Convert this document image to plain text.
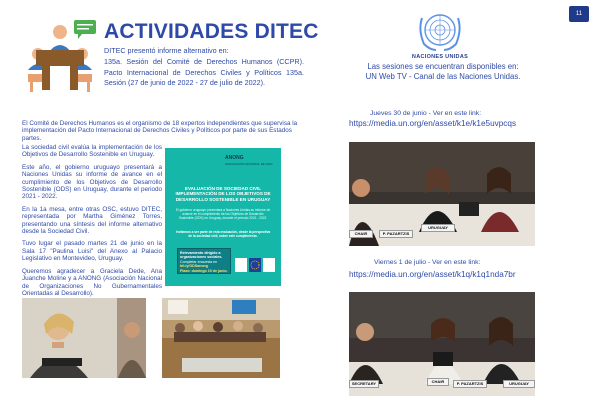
ACTIVIDADES DITEC

DITEC presentó informe alternativo en:

135a. Sesión del Comité de Derechos Humanos (CCPR). Pacto Internacional de Derechos Civiles y Políticos 135a. Sesión (27 de junio de 2022 - 27 de julio de 2022).

El Comité de Derechos Humanos es el organismo de 18 expertos independientes que supervisa la implementación del Pacto Internacional de Derechos Civiles y Políticos por parte de sus Estados partes.

La sociedad civil evalúa la implementación de los Objetivos de Desarrollo Sostenible en Uruguay.

Este año, el gobierno uruguayo presentará a Naciones Unidas su informe de avance en el cumplimiento de los Objetivos de Desarrollo Sostenible (ODS) en Uruguay, durante el periodo 2021 - 2022.

En la 1a mesa, entre otras OSC, estuvo DITEC, representada por Martha Giménez Torres, presentando una síntesis del informe alternativo desde la Sociedad Civil.

Tuvo lugar el pasado martes 21 de junio en la Sala 17 "Paulina Luisi" del Anexo al Palacio Legislativo en Montevideo, Uruguay.

Queremos agradecer a Graciela Dede, Ana Juanche Moline y a ANONG (Asociación Nacional de Organizaciones No Gubernamentales Orientadas al Desarrollo).

ANONG
ASOCIACIÓN NACIONAL DE ONG
EVALUACIÓN DE SOCIEDAD CIVIL IMPLEMENTACIÓN DE LOS OBJETIVOS DE DESARROLLO SOSTENIBLE EN URUGUAY
El gobierno uruguayo presentará a Naciones Unidas su informe de avance en el cumplimiento de los Objetivos de Desarrollo Sostenible (ODS) en Uruguay, durante el período 2021 - 2022.
Invitamos a ser parte de esta evaluación, desde la perspectiva de la sociedad civil, sobre este cumplimiento.
Relevamiento dirigido a organizaciones sociales.
Completar encuesta en
bit.ly/ODSanong
Plazo: domingo 19 de junio.
11
NACIONES UNIDAS
Las sesiones se encuentran disponibles en:
UN Web TV - Canal de las Naciones Unidas.
Jueves 30 de junio - Ver en este link:
https://media.un.org/en/asset/k1e/k1e5uvpcqs
CHAIR	P. PAZARTZIS
URUGUAY
Viernes 1 de julio - Ver en este link:
https://media.un.org/en/asset/k1q/k1q1nda7br
SECRETARY	CHAIR	P. PAZARTZIS	URUGUAY
